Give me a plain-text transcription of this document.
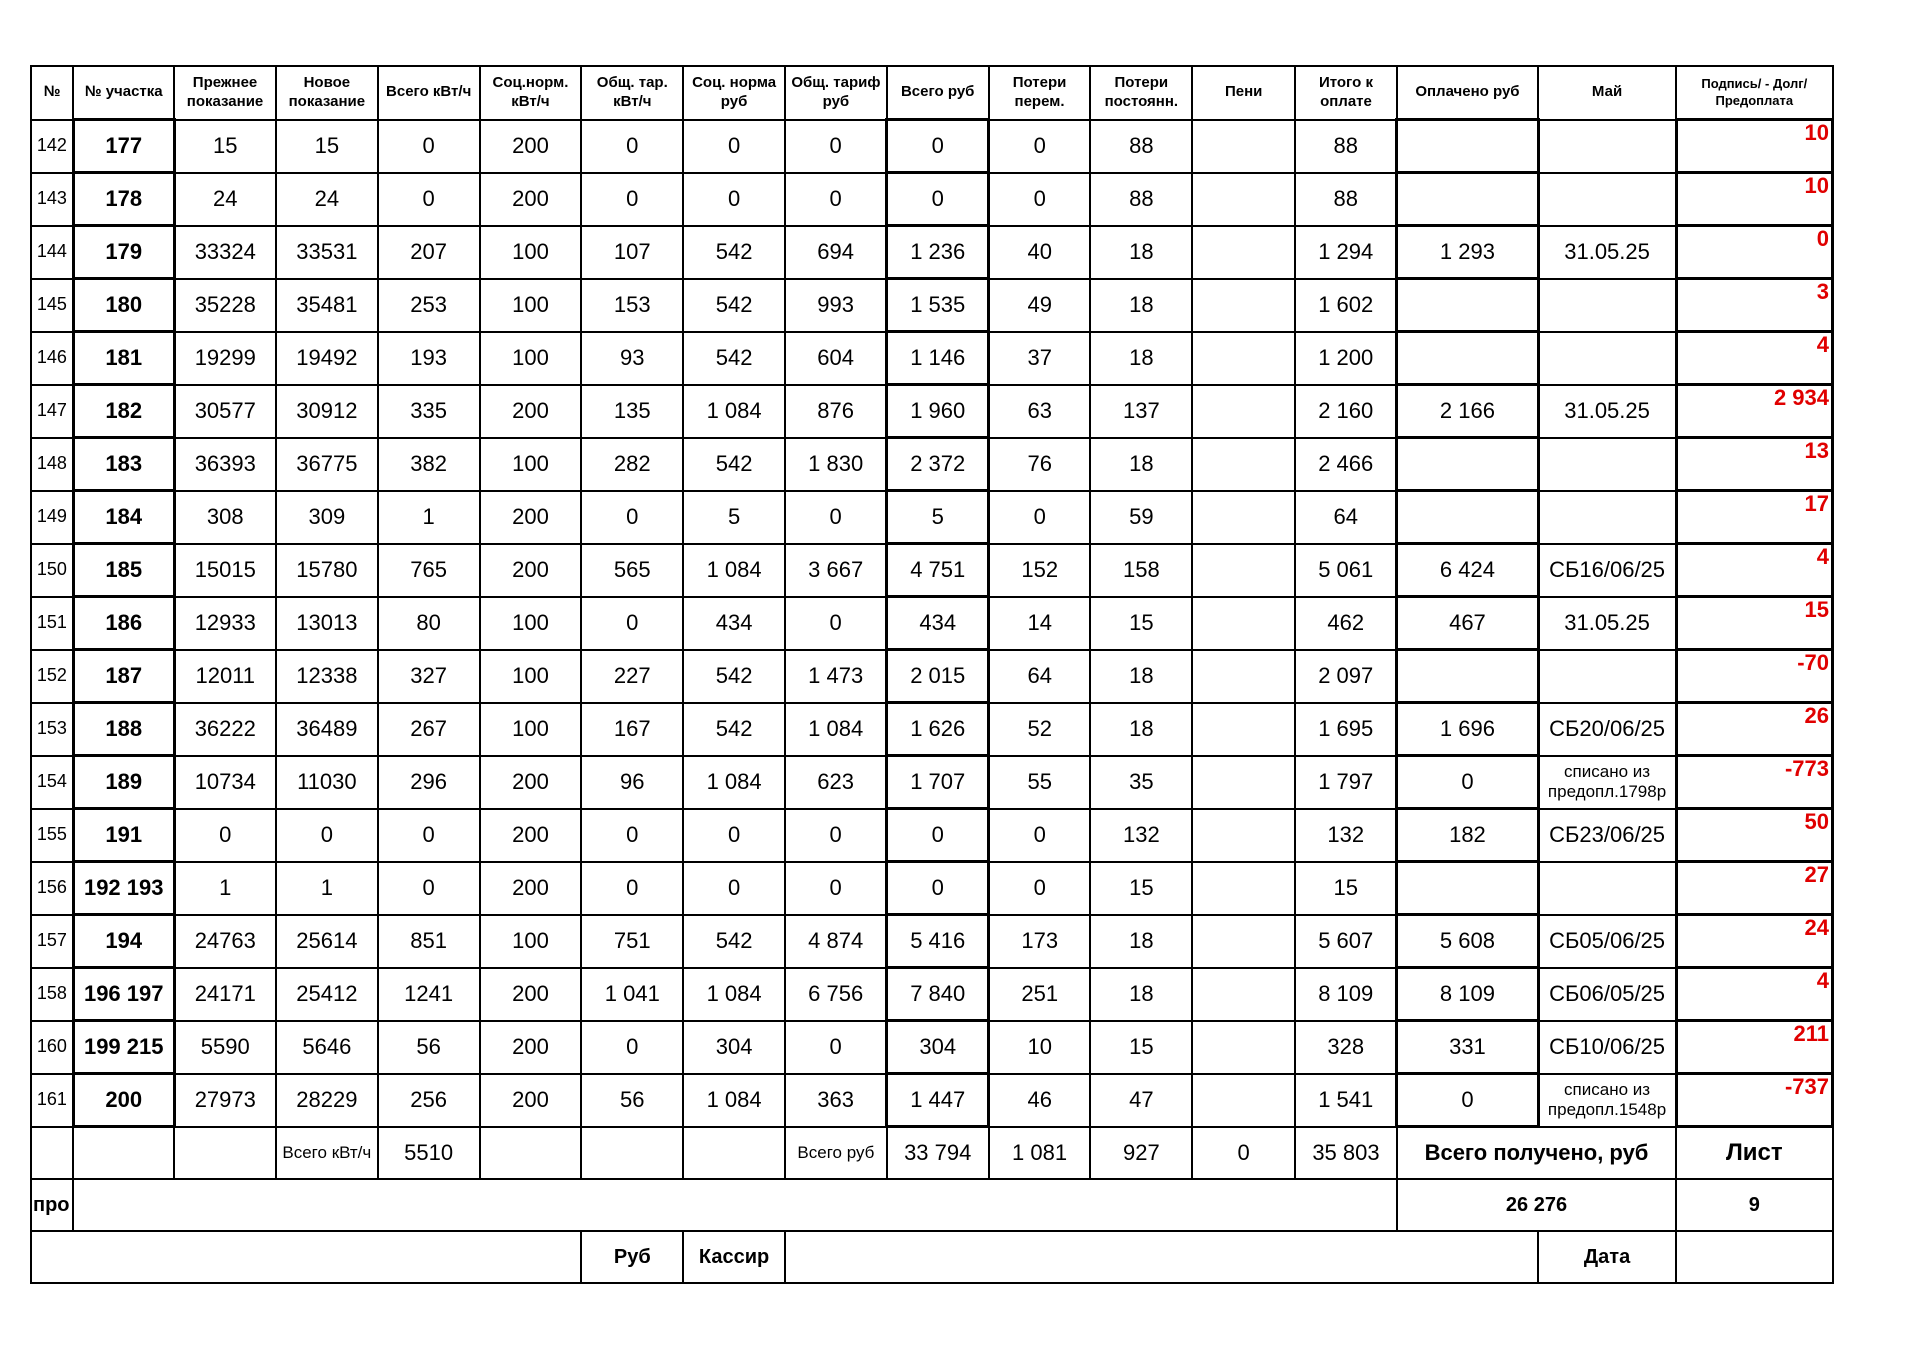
№	№ участка	Прежнее показание	Новое показание	Всего кВт/ч	Соц.норм. кВт/ч	Общ. тар. кВт/ч	Соц. норма руб	Общ. тариф руб	Всего руб	Потери перем.	Потери постоянн.	Пени	Итого к оплате	Оплачено руб	Май	Подпись/ - Долг/Предоплата
142	177	15	15	0	200	0	0	0	0	0	88		88			10
143	178	24	24	0	200	0	0	0	0	0	88		88			10
144	179	33324	33531	207	100	107	542	694	1 236	40	18		1 294	1 293	31.05.25	0
145	180	35228	35481	253	100	153	542	993	1 535	49	18		1 602			3
146	181	19299	19492	193	100	93	542	604	1 146	37	18		1 200			4
147	182	30577	30912	335	200	135	1 084	876	1 960	63	137		2 160	2 166	31.05.25	2 934
148	183	36393	36775	382	100	282	542	1 830	2 372	76	18		2 466			13
149	184	308	309	1	200	0	5	0	5	0	59		64			17
150	185	15015	15780	765	200	565	1 084	3 667	4 751	152	158		5 061	6 424	СБ16/06/25	4
151	186	12933	13013	80	100	0	434	0	434	14	15		462	467	31.05.25	15
152	187	12011	12338	327	100	227	542	1 473	2 015	64	18		2 097			-70
153	188	36222	36489	267	100	167	542	1 084	1 626	52	18		1 695	1 696	СБ20/06/25	26
154	189	10734	11030	296	200	96	1 084	623	1 707	55	35		1 797	0	списано из предопл.1798р	-773
155	191	0	0	0	200	0	0	0	0	0	132		132	182	СБ23/06/25	50
156	192 193	1	1	0	200	0	0	0	0	0	15		15			27
157	194	24763	25614	851	100	751	542	4 874	5 416	173	18		5 607	5 608	СБ05/06/25	24
158	196 197	24171	25412	1241	200	1 041	1 084	6 756	7 840	251	18		8 109	8 109	СБ06/05/25	4
160	199 215	5590	5646	56	200	0	304	0	304	10	15		328	331	СБ10/06/25	211
161	200	27973	28229	256	200	56	1 084	363	1 447	46	47		1 541	0	списано из предопл.1548р	-737
			Всего кВт/ч	5510				Всего руб	33 794	1 081	927	0	35 803	Всего получено, руб		Лист
про														26 276		9
						Руб	Кассир								Дата	
